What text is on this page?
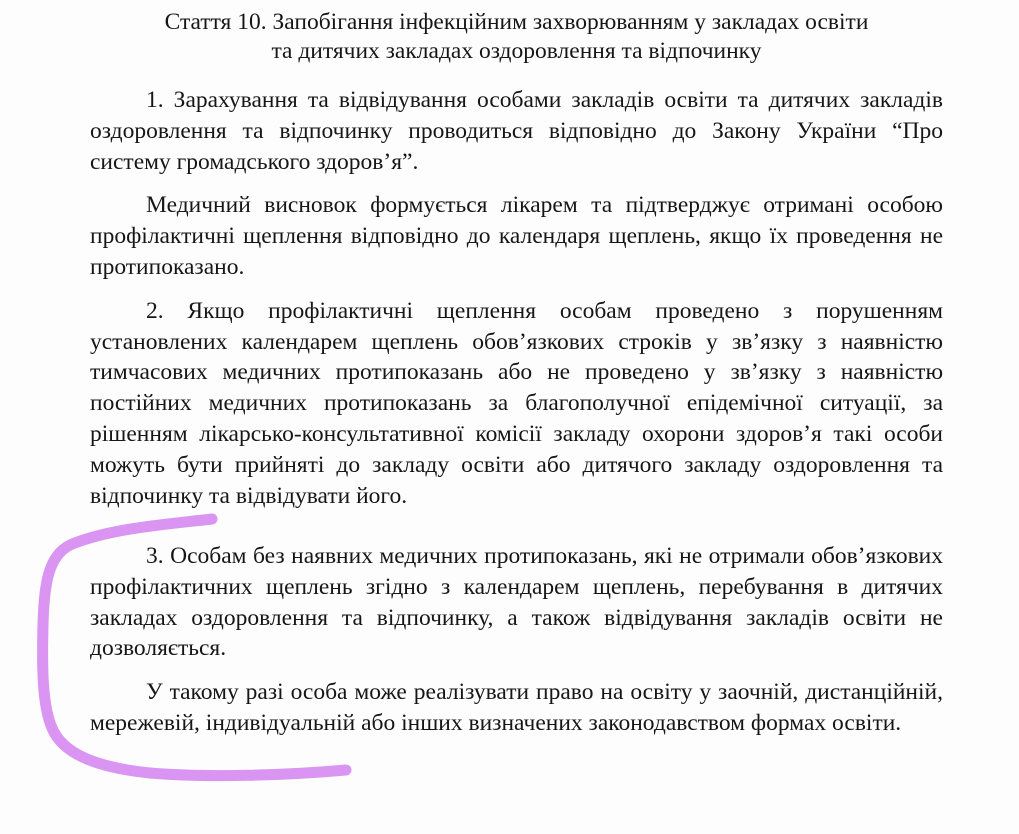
Стаття 10. Запобігання інфекційним захворюванням у закладах освіти
та дитячих закладах оздоровлення та відпочинку

1. Зарахування та відвідування особами закладів освіти та дитячих закладів оздоровлення та відпочинку проводиться відповідно до Закону України “Про систему громадського здоров’я”.

Медичний висновок формується лікарем та підтверджує отримані особою профілактичні щеплення відповідно до календаря щеплень, якщо їх проведення не протипоказано.

2. Якщо профілактичні щеплення особам проведено з порушенням установлених календарем щеплень обов’язкових строків у зв’язку з наявністю тимчасових медичних протипоказань або не проведено у зв’язку з наявністю постійних медичних протипоказань за благополучної епідемічної ситуації, за рішенням лікарсько-консультативної комісії закладу охорони здоров’я такі особи можуть бути прийняті до закладу освіти або дитячого закладу оздоровлення та відпочинку та відвідувати його.

3. Особам без наявних медичних протипоказань, які не отримали обов’язкових профілактичних щеплень згідно з календарем щеплень, перебування в дитячих закладах оздоровлення та відпочинку, а також відвідування закладів освіти не дозволяється.

У такому разі особа може реалізувати право на освіту у заочній, дистанційній, мережевій, індивідуальній або інших визначених законодавством формах освіти.
